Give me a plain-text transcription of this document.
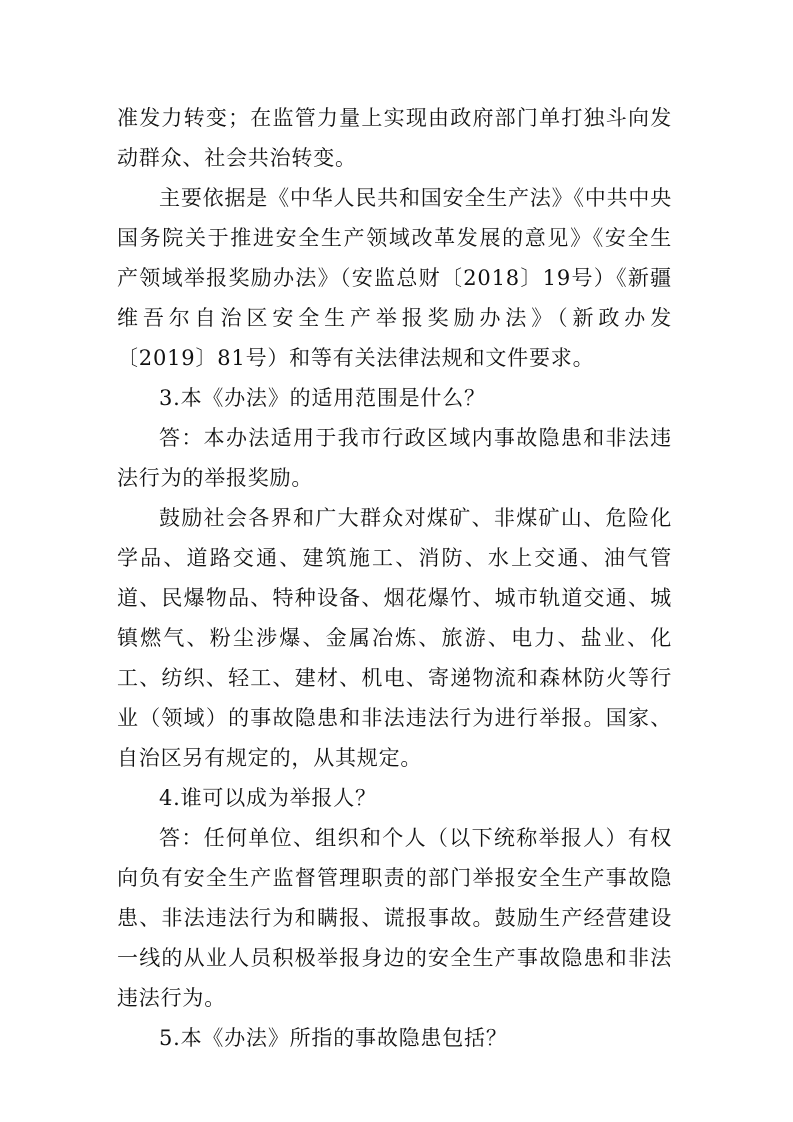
准发力转变；在监管力量上实现由政府部门单打独斗向发动群众、社会共治转变。

主要依据是《中华人民共和国安全生产法》《中共中央国务院关于推进安全生产领域改革发展的意见》《安全生产领域举报奖励办法》（安监总财〔2018〕19号）《新疆维吾尔自治区安全生产举报奖励办法》（新政办发〔2019〕81号）和等有关法律法规和文件要求。

3.本《办法》的适用范围是什么？

答：本办法适用于我市行政区域内事故隐患和非法违法行为的举报奖励。

鼓励社会各界和广大群众对煤矿、非煤矿山、危险化学品、道路交通、建筑施工、消防、水上交通、油气管道、民爆物品、特种设备、烟花爆竹、城市轨道交通、城镇燃气、粉尘涉爆、金属冶炼、旅游、电力、盐业、化工、纺织、轻工、建材、机电、寄递物流和森林防火等行业（领域）的事故隐患和非法违法行为进行举报。国家、自治区另有规定的，从其规定。

4.谁可以成为举报人？

答：任何单位、组织和个人（以下统称举报人）有权向负有安全生产监督管理职责的部门举报安全生产事故隐患、非法违法行为和瞒报、谎报事故。鼓励生产经营建设一线的从业人员积极举报身边的安全生产事故隐患和非法违法行为。

5.本《办法》所指的事故隐患包括？
